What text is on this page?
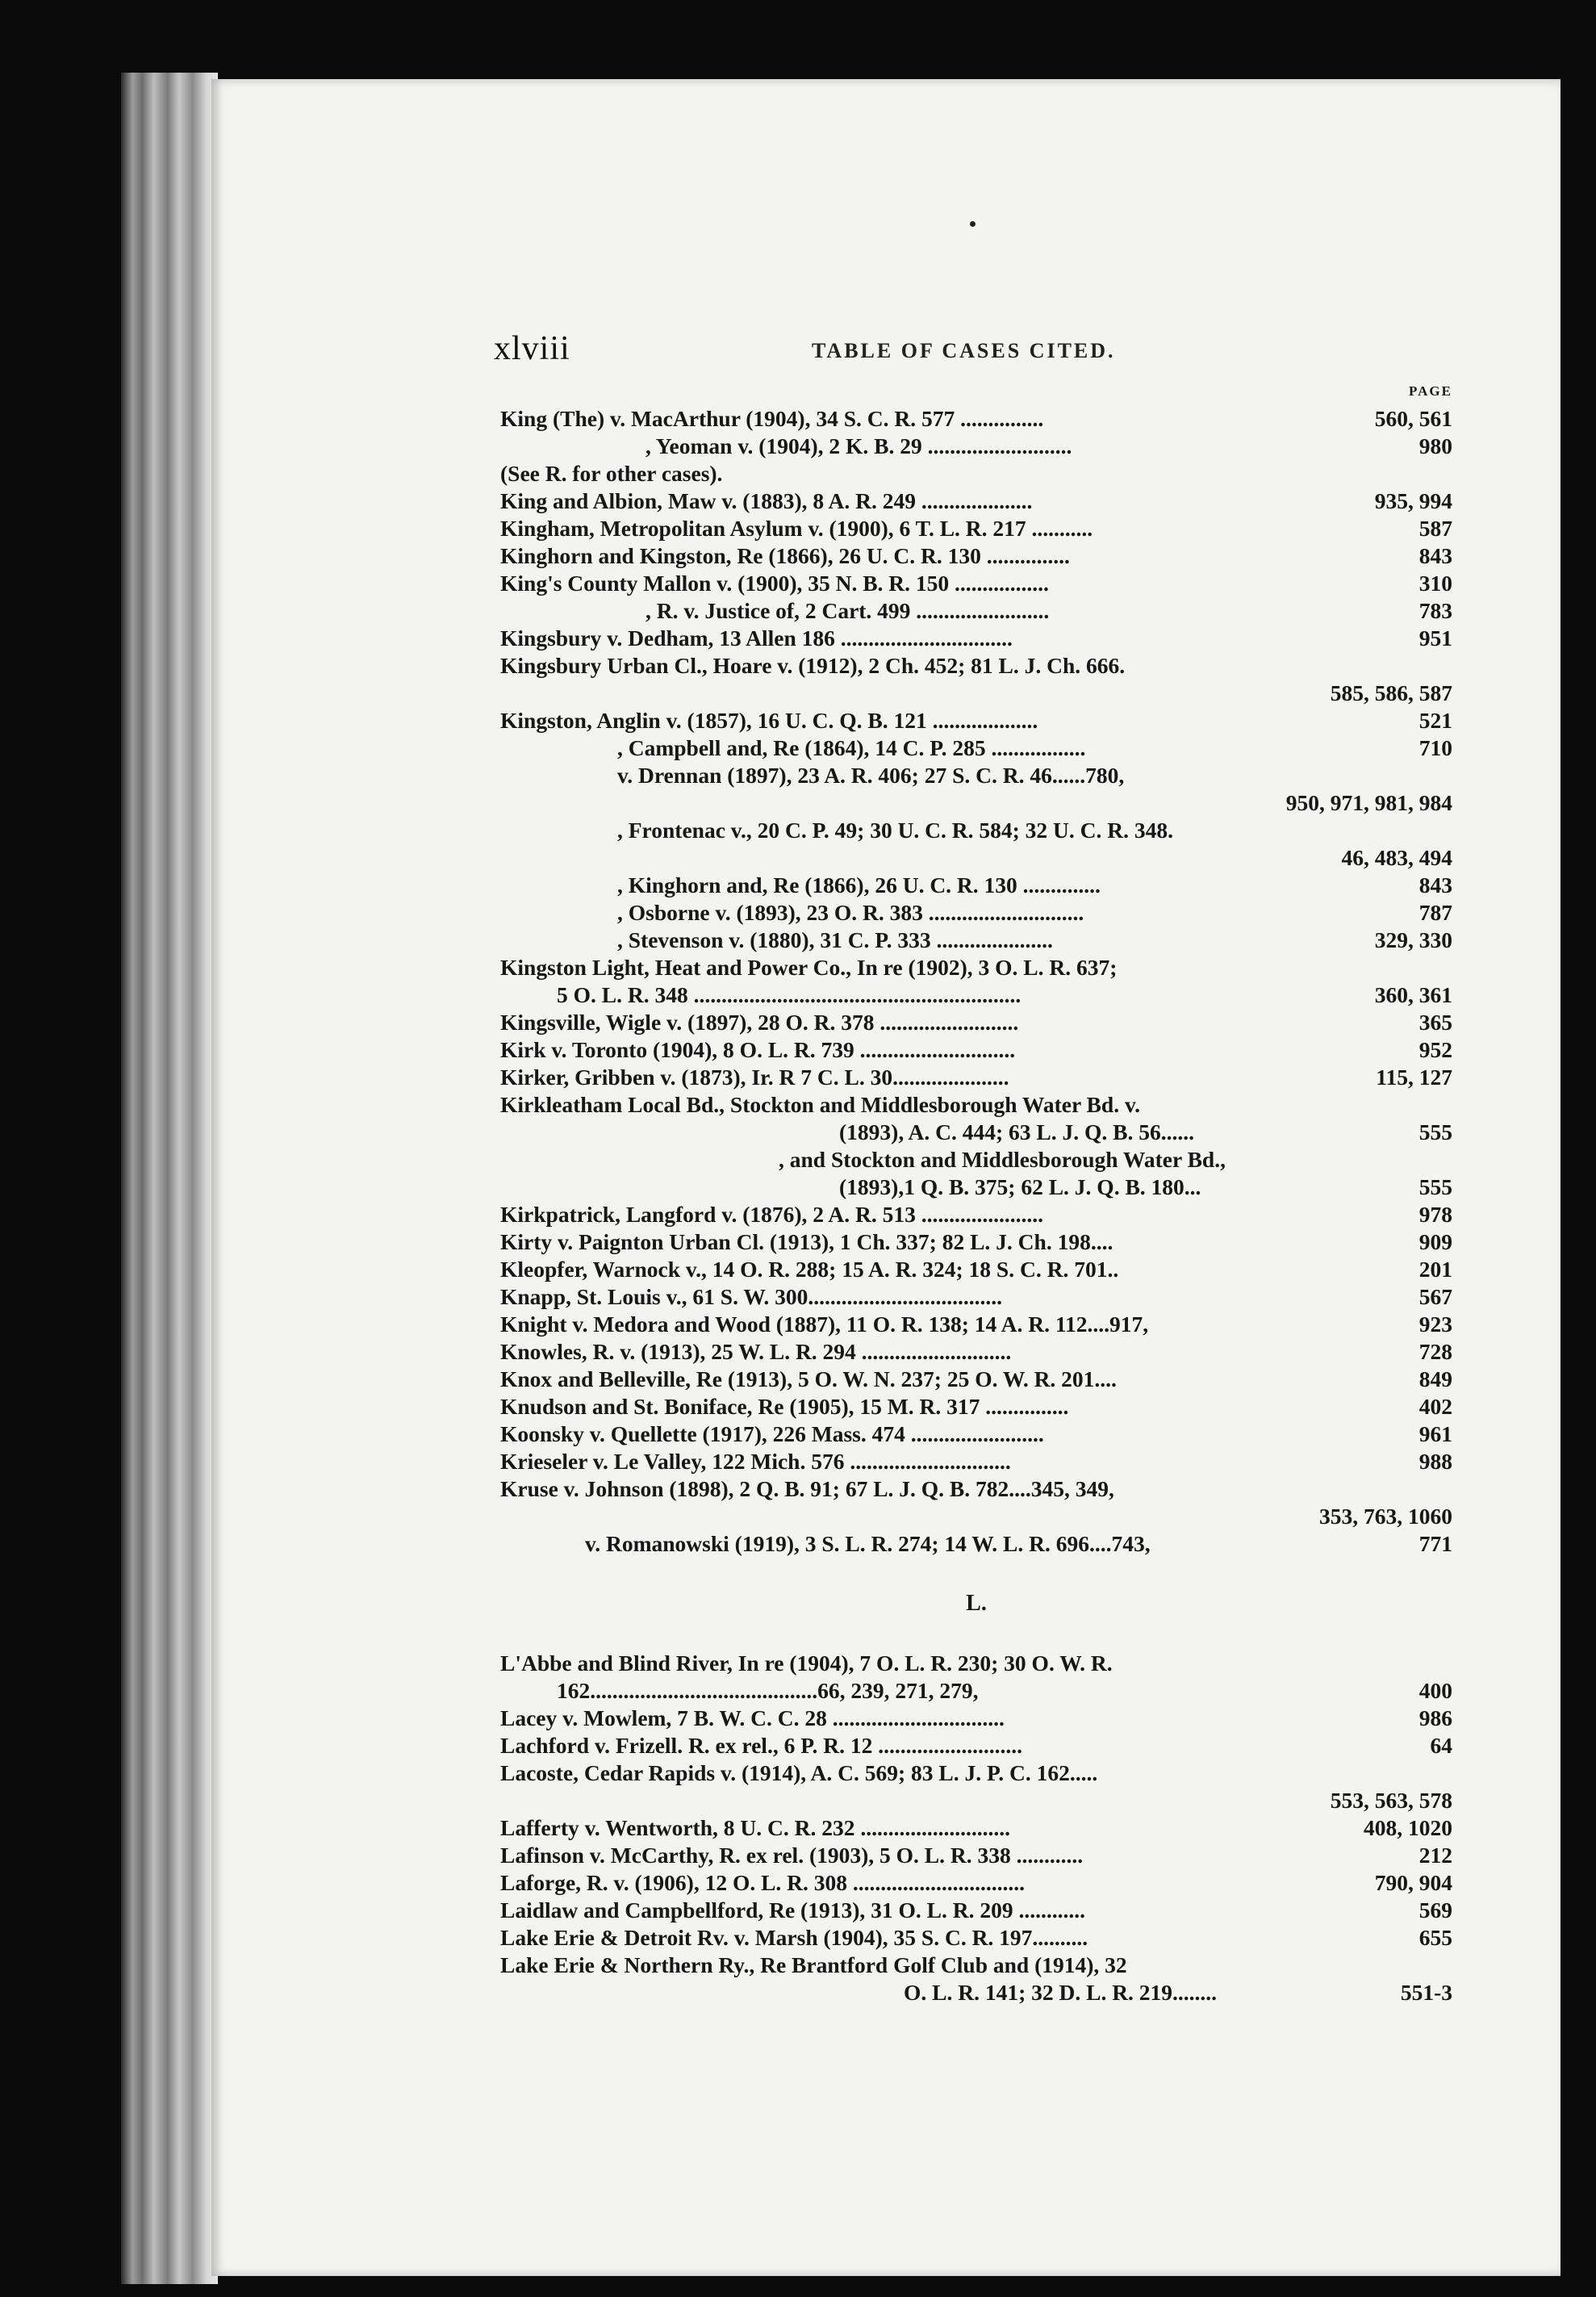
xlviii	TABLE OF CASES CITED.
PAGE
King (The) v. MacArthur (1904), 34 S. C. R. 577 ...............	560, 561
, Yeoman v. (1904), 2 K. B. 29 ..........................	980
(See R. for other cases).
King and Albion, Maw v. (1883), 8 A. R. 249 ....................	935, 994
Kingham, Metropolitan Asylum v. (1900), 6 T. L. R. 217 ...........	587
Kinghorn and Kingston, Re (1866), 26 U. C. R. 130 ...............	843
King's County Mallon v. (1900), 35 N. B. R. 150 .................	310
, R. v. Justice of, 2 Cart. 499 ........................	783
Kingsbury v. Dedham, 13 Allen 186 ...............................	951
Kingsbury Urban Cl., Hoare v. (1912), 2 Ch. 452; 81 L. J. Ch. 666.
585, 586, 587
Kingston, Anglin v. (1857), 16 U. C. Q. B. 121 ...................	521
, Campbell and, Re (1864), 14 C. P. 285 .................	710
v. Drennan (1897), 23 A. R. 406; 27 S. C. R. 46......780,
950, 971, 981, 984
, Frontenac v., 20 C. P. 49; 30 U. C. R. 584; 32 U. C. R. 348.
46, 483, 494
, Kinghorn and, Re (1866), 26 U. C. R. 130 ..............	843
, Osborne v. (1893), 23 O. R. 383 ............................	787
, Stevenson v. (1880), 31 C. P. 333 .....................	329, 330
Kingston Light, Heat and Power Co., In re (1902), 3 O. L. R. 637;
5 O. L. R. 348 ...........................................................	360, 361
Kingsville, Wigle v. (1897), 28 O. R. 378 .........................	365
Kirk v. Toronto (1904), 8 O. L. R. 739 ............................	952
Kirker, Gribben v. (1873), Ir. R 7 C. L. 30.....................	115, 127
Kirkleatham Local Bd., Stockton and Middlesborough Water Bd. v.
(1893), A. C. 444; 63 L. J. Q. B. 56......	555
, and Stockton and Middlesborough Water Bd.,
(1893),1 Q. B. 375; 62 L. J. Q. B. 180...	555
Kirkpatrick, Langford v. (1876), 2 A. R. 513 ......................	978
Kirty v. Paignton Urban Cl. (1913), 1 Ch. 337; 82 L. J. Ch. 198....	909
Kleopfer, Warnock v., 14 O. R. 288; 15 A. R. 324; 18 S. C. R. 701..	201
Knapp, St. Louis v., 61 S. W. 300...................................	567
Knight v. Medora and Wood (1887), 11 O. R. 138; 14 A. R. 112....917,	923
Knowles, R. v. (1913), 25 W. L. R. 294 ...........................	728
Knox and Belleville, Re (1913), 5 O. W. N. 237; 25 O. W. R. 201....	849
Knudson and St. Boniface, Re (1905), 15 M. R. 317 ...............	402
Koonsky v. Quellette (1917), 226 Mass. 474 ........................	961
Krieseler v. Le Valley, 122 Mich. 576 .............................	988
Kruse v. Johnson (1898), 2 Q. B. 91; 67 L. J. Q. B. 782....345, 349,
353, 763, 1060
v. Romanowski (1919), 3 S. L. R. 274; 14 W. L. R. 696....743,	771
L.
L'Abbe and Blind River, In re (1904), 7 O. L. R. 230; 30 O. W. R.
162.........................................66, 239, 271, 279,	400
Lacey v. Mowlem, 7 B. W. C. C. 28 ...............................	986
Lachford v. Frizell. R. ex rel., 6 P. R. 12 ..........................	64
Lacoste, Cedar Rapids v. (1914), A. C. 569; 83 L. J. P. C. 162.....
553, 563, 578
Lafferty v. Wentworth, 8 U. C. R. 232 ...........................	408, 1020
Lafinson v. McCarthy, R. ex rel. (1903), 5 O. L. R. 338 ............	212
Laforge, R. v. (1906), 12 O. L. R. 308 ...............................	790, 904
Laidlaw and Campbellford, Re (1913), 31 O. L. R. 209 ............	569
Lake Erie & Detroit Rv. v. Marsh (1904), 35 S. C. R. 197..........	655
Lake Erie & Northern Ry., Re Brantford Golf Club and (1914), 32
O. L. R. 141; 32 D. L. R. 219........	551-3
